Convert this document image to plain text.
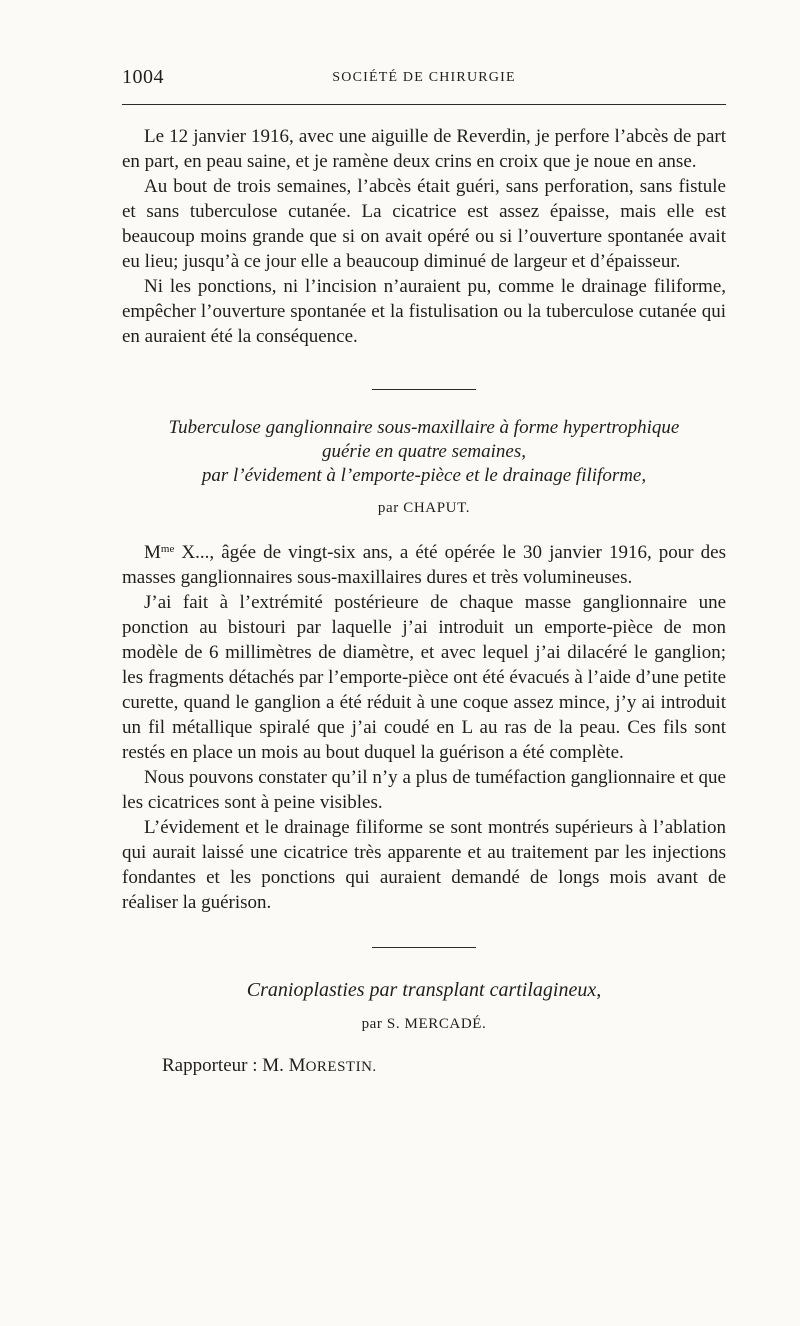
1004	SOCIÉTÉ DE CHIRURGIE

Le 12 janvier 1916, avec une aiguille de Reverdin, je perfore l’abcès de part en part, en peau saine, et je ramène deux crins en croix que je noue en anse.

Au bout de trois semaines, l’abcès était guéri, sans perforation, sans fistule et sans tuberculose cutanée. La cicatrice est assez épaisse, mais elle est beaucoup moins grande que si on avait opéré ou si l’ouverture spontanée avait eu lieu; jusqu’à ce jour elle a beaucoup diminué de largeur et d’épaisseur.

Ni les ponctions, ni l’incision n’auraient pu, comme le drainage filiforme, empêcher l’ouverture spontanée et la fistulisation ou la tuberculose cutanée qui en auraient été la conséquence.

Tuberculose ganglionnaire sous-maxillaire à forme hypertrophique
guérie en quatre semaines,
par l’évidement à l’emporte-pièce et le drainage filiforme,
par CHAPUT.

$M^{me}$ X..., âgée de vingt-six ans, a été opérée le 30 janvier 1916, pour des masses ganglionnaires sous-maxillaires dures et très volumineuses.

J’ai fait à l’extrémité postérieure de chaque masse ganglionnaire une ponction au bistouri par laquelle j’ai introduit un emporte-pièce de mon modèle de 6 millimètres de diamètre, et avec lequel j’ai dilacéré le ganglion; les fragments détachés par l’emporte-pièce ont été évacués à l’aide d’une petite curette, quand le ganglion a été réduit à une coque assez mince, j’y ai introduit un fil métallique spiralé que j’ai coudé en L au ras de la peau. Ces fils sont restés en place un mois au bout duquel la guérison a été complète.

Nous pouvons constater qu’il n’y a plus de tuméfaction ganglionnaire et que les cicatrices sont à peine visibles.

L’évidement et le drainage filiforme se sont montrés supérieurs à l’ablation qui aurait laissé une cicatrice très apparente et au traitement par les injections fondantes et les ponctions qui auraient demandé de longs mois avant de réaliser la guérison.

Cranioplasties par transplant cartilagineux,
par S. MERCADÉ.
Rapporteur : M. MORESTIN.
